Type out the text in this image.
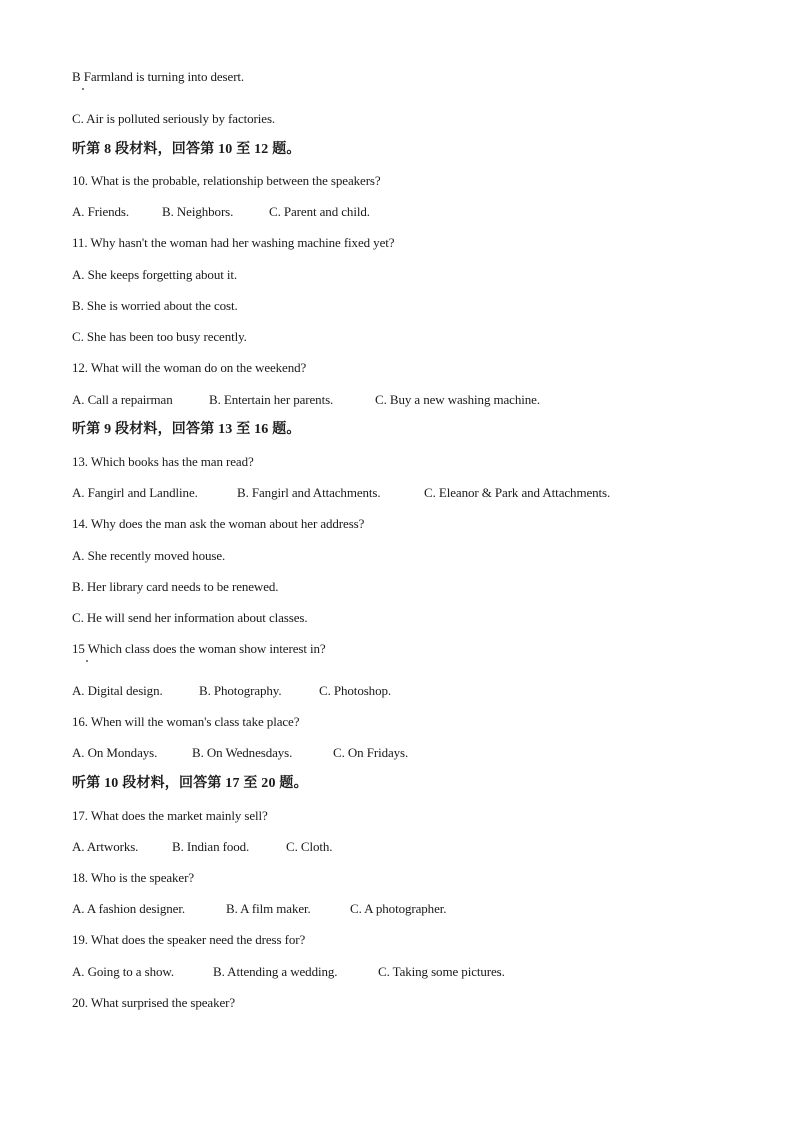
B Farmland is turning into desert.
C. Air is polluted seriously by factories.
听第 8 段材料，回答第 10 至 12 题。
10. What is the probable, relationship between the speakers?
A. Friends.	B. Neighbors.	C. Parent and child.
11. Why hasn't the woman had her washing machine fixed yet?
A. She keeps forgetting about it.
B. She is worried about the cost.
C. She has been too busy recently.
12. What will the woman do on the weekend?
A. Call a repairman	B. Entertain her parents.	C. Buy a new washing machine.
听第 9 段材料，回答第 13 至 16 题。
13. Which books has the man read?
A. Fangirl and Landline.	B. Fangirl and Attachments.	C. Eleanor & Park and Attachments.
14. Why does the man ask the woman about her address?
A. She recently moved house.
B. Her library card needs to be renewed.
C. He will send her information about classes.
15 Which class does the woman show interest in?
A. Digital design.	B. Photography.	C. Photoshop.
16. When will the woman's class take place?
A. On Mondays.	B. On Wednesdays.	C. On Fridays.
听第 10 段材料，回答第 17 至 20 题。
17. What does the market mainly sell?
A. Artworks.	B. Indian food.	C. Cloth.
18. Who is the speaker?
A. A fashion designer.	B. A film maker.	C. A photographer.
19. What does the speaker need the dress for?
A. Going to a show.	B. Attending a wedding.	C. Taking some pictures.
20. What surprised the speaker?
